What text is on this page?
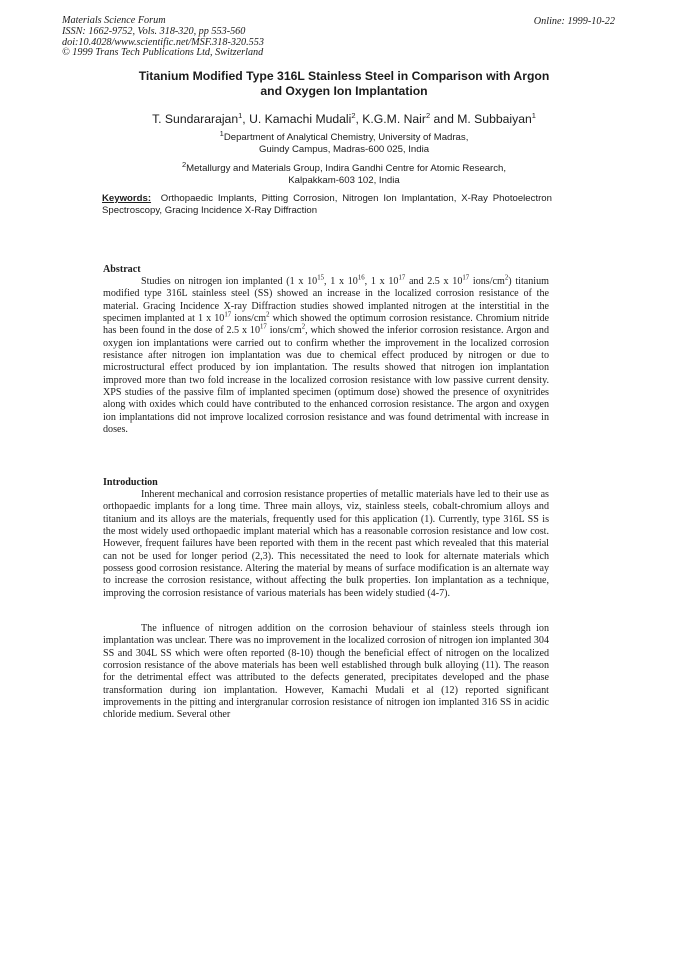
Materials Science Forum
ISSN: 1662-9752, Vols. 318-320, pp 553-560
doi:10.4028/www.scientific.net/MSF.318-320.553
© 1999 Trans Tech Publications Ltd, Switzerland
Online: 1999-10-22
Titanium Modified Type 316L Stainless Steel in Comparison with Argon
and Oxygen Ion Implantation
T. Sundararajan$^1$, U. Kamachi Mudali$^2$, K.G.M. Nair$^2$ and M. Subbaiyan$^1$
$^1$Department of Analytical Chemistry, University of Madras,
Guindy Campus, Madras-600 025, India
$^2$Metallurgy and Materials Group, Indira Gandhi Centre for Atomic Research,
Kalpakkam-603 102, India
Keywords: Orthopaedic Implants, Pitting Corrosion, Nitrogen Ion Implantation, X-Ray Photoelectron Spectroscopy, Gracing Incidence X-Ray Diffraction
Abstract
Studies on nitrogen ion implanted (1 x $10^{15}$, 1 x $10^{16}$, 1 x $10^{17}$ and 2.5 x $10^{17}$ ions/$cm^2$) titanium modified type 316L stainless steel (SS) showed an increase in the localized corrosion resistance of the material. Gracing Incidence X-ray Diffraction studies showed implanted nitrogen at the interstitial in the specimen implanted at 1 x $10^{17}$ ions/$cm^2$ which showed the optimum corrosion resistance. Chromium nitride has been found in the dose of 2.5 x $10^{17}$ ions/$cm^2$, which showed the inferior corrosion resistance. Argon and oxygen ion implantations were carried out to confirm whether the improvement in the localized corrosion resistance after nitrogen ion implantation was due to chemical effect produced by nitrogen or due to microstructural effect produced by ion implantation. The results showed that nitrogen ion implantation improved more than two fold increase in the localized corrosion resistance with low passive current density. XPS studies of the passive film of implanted specimen (optimum dose) showed the presence of oxynitrides along with oxides which could have contributed to the enhanced corrosion resistance. The argon and oxygen ion implantations did not improve localized corrosion resistance and was found detrimental with increase in doses.
Introduction
Inherent mechanical and corrosion resistance properties of metallic materials have led to their use as orthopaedic implants for a long time. Three main alloys, viz, stainless steels, cobalt-chromium alloys and titanium and its alloys are the materials, frequently used for this application (1). Currently, type 316L SS is the most widely used orthopaedic implant material which has a reasonable corrosion resistance and low cost. However, frequent failures have been reported with them in the recent past which revealed that this material can not be used for longer period (2,3). This necessitated the need to look for alternate materials which possess good corrosion resistance. Altering the material by means of surface modification is an alternate way to increase the corrosion resistance, without affecting the bulk properties. Ion implantation as a technique, improving the corrosion resistance of various materials has been widely studied (4-7).
The influence of nitrogen addition on the corrosion behaviour of stainless steels through ion implantation was unclear. There was no improvement in the localized corrosion of nitrogen ion implanted 304 SS and 304L SS which were often reported (8-10) though the beneficial effect of nitrogen on the localized corrosion resistance of the above materials has been well established through bulk alloying (11). The reason for the detrimental effect was attributed to the defects generated, precipitates developed and the phase transformation during ion implantation. However, Kamachi Mudali et al (12) reported significant improvements in the pitting and intergranular corrosion resistance of nitrogen ion implanted 316 SS in acidic chloride medium. Several other
